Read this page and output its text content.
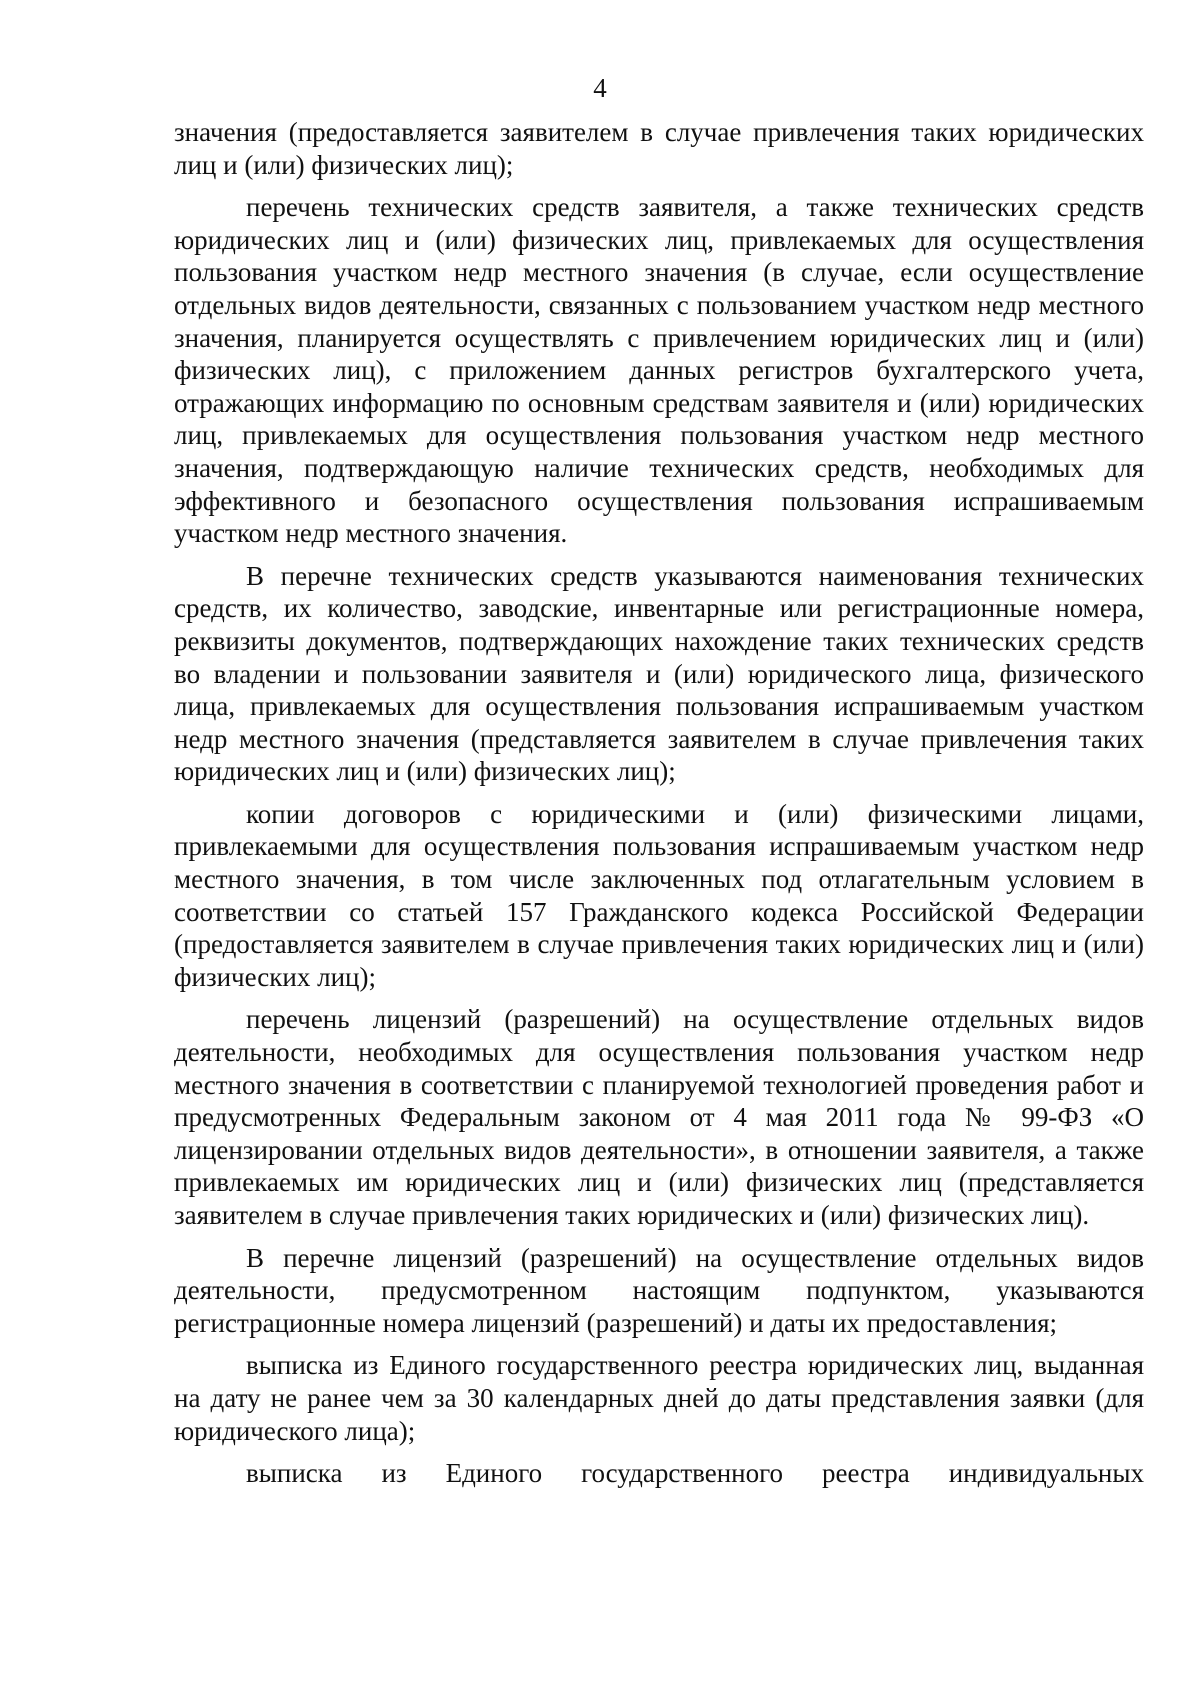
4

значения (предоставляется заявителем в случае привлечения таких юридических лиц и (или) физических лиц);

перечень технических средств заявителя, а также технических средств юридических лиц и (или) физических лиц, привлекаемых для осуществления пользования участком недр местного значения (в случае, если осуществление отдельных видов деятельности, связанных с пользованием участком недр местного значения, планируется осуществлять с привлечением юридических лиц и (или) физических лиц), с приложением данных регистров бухгалтерского учета, отражающих информацию по основным средствам заявителя и (или) юридических лиц, привлекаемых для осуществления пользования участком недр местного значения, подтверждающую наличие технических средств, необходимых для эффективного и безопасного осуществления пользования испрашиваемым участком недр местного значения.

В перечне технических средств указываются наименования технических средств, их количество, заводские, инвентарные или регистрационные номера, реквизиты документов, подтверждающих нахождение таких технических средств во владении и пользовании заявителя и (или) юридического лица, физического лица, привлекаемых для осуществления пользования испрашиваемым участком недр местного значения (представляется заявителем в случае привлечения таких юридических лиц и (или) физических лиц);

копии договоров с юридическими и (или) физическими лицами, привлекаемыми для осуществления пользования испрашиваемым участком недр местного значения, в том числе заключенных под отлагательным условием в соответствии со статьей 157 Гражданского кодекса Российской Федерации (предоставляется заявителем в случае привлечения таких юридических лиц и (или) физических лиц);

перечень лицензий (разрешений) на осуществление отдельных видов деятельности, необходимых для осуществления пользования участком недр местного значения в соответствии с планируемой технологией проведения работ и предусмотренных Федеральным законом от 4 мая 2011 года № 99-ФЗ «О лицензировании отдельных видов деятельности», в отношении заявителя, а также привлекаемых им юридических лиц и (или) физических лиц (представляется заявителем в случае привлечения таких юридических и (или) физических лиц).

В перечне лицензий (разрешений) на осуществление отдельных видов деятельности, предусмотренном настоящим подпунктом, указываются регистрационные номера лицензий (разрешений) и даты их предоставления;

выписка из Единого государственного реестра юридических лиц, выданная на дату не ранее чем за 30 календарных дней до даты представления заявки (для юридического лица);

выписка из Единого государственного реестра индивидуальных
